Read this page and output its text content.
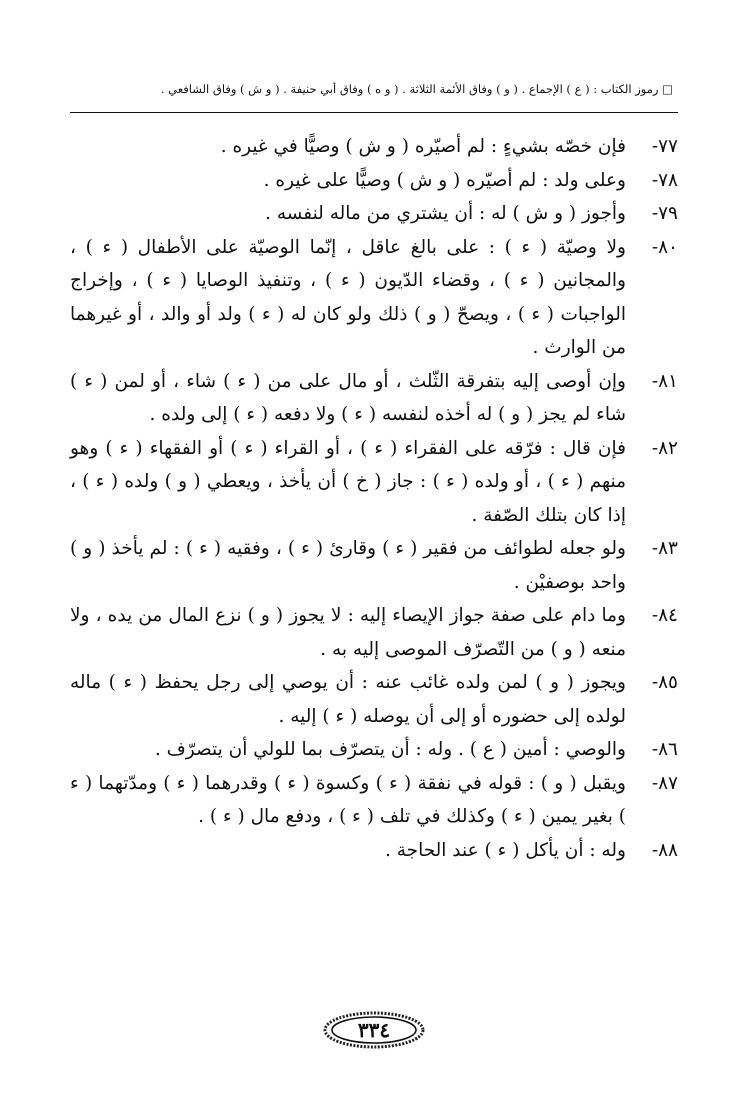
□ رموز الكتاب : ( ع ) الإجماع . ( و ) وفاق الأئمة الثلاثة . ( و ه ) وفاق أبي حنيفة . ( و ش ) وفاق الشافعي .
٧٧-
فإن خصّه بشيءٍ : لم أصيّره ( و ش ) وصيًّا في غيره .
٧٨-
وعلى ولد : لم أصيّره ( و ش ) وصيًّا على غيره .
٧٩-
وأجوز ( و ش ) له : أن يشتري من ماله لنفسه .
٨٠-
ولا وصيّة ( ء ) : على بالغ عاقل ، إنّما الوصيّة على الأطفال ( ء ) ، والمجانين ( ء ) ، وقضاء الدّيون ( ء ) ، وتنفيذ الوصايا ( ء ) ، وإخراج الواجبات ( ء ) ، ويصحّ ( و ) ذلك ولو كان له ( ء ) ولد أو والد ، أو غيرهما من الوارث .
٨١-
وإن أوصى إليه بتفرقة الثّلث ، أو مال على من ( ء ) شاء ، أو لمن ( ء ) شاء لم يجز ( و ) له أخذه لنفسه ( ء ) ولا دفعه ( ء ) إلى ولده .
٨٢-
فإن قال : فرّقه على الفقراء ( ء ) ، أو القراء ( ء ) أو الفقهاء ( ء ) وهو منهم ( ء ) ، أو ولده ( ء ) : جاز ( خ ) أن يأخذ ، ويعطي ( و ) ولده ( ء ) ، إذا كان بتلك الصّفة .
٨٣-
ولو جعله لطوائف من فقير ( ء ) وقارئ ( ء ) ، وفقيه ( ء ) : لم يأخذ ( و ) واحد بوصفيْن .
٨٤-
وما دام على صفة جواز الإيصاء إليه : لا يجوز ( و ) نزع المال من يده ، ولا منعه ( و ) من التّصرّف الموصى إليه به .
٨٥-
ويجوز ( و ) لمن ولده غائب عنه : أن يوصي إلى رجل يحفظ ( ء ) ماله لولده إلى حضوره أو إلى أن يوصله ( ء ) إليه .
٨٦-
والوصي : أمين ( ع ) . وله : أن يتصرّف بما للولي أن يتصرّف .
٨٧-
ويقبل ( و ) : قوله في نفقة ( ء ) وكسوة ( ء ) وقدرهما ( ء ) ومدّتهما ( ء ) بغير يمين ( ء ) وكذلك في تلف ( ء ) ، ودفع مال ( ء ) .
٨٨-
وله : أن يأكل ( ء ) عند الحاجة .
٣٣٤
